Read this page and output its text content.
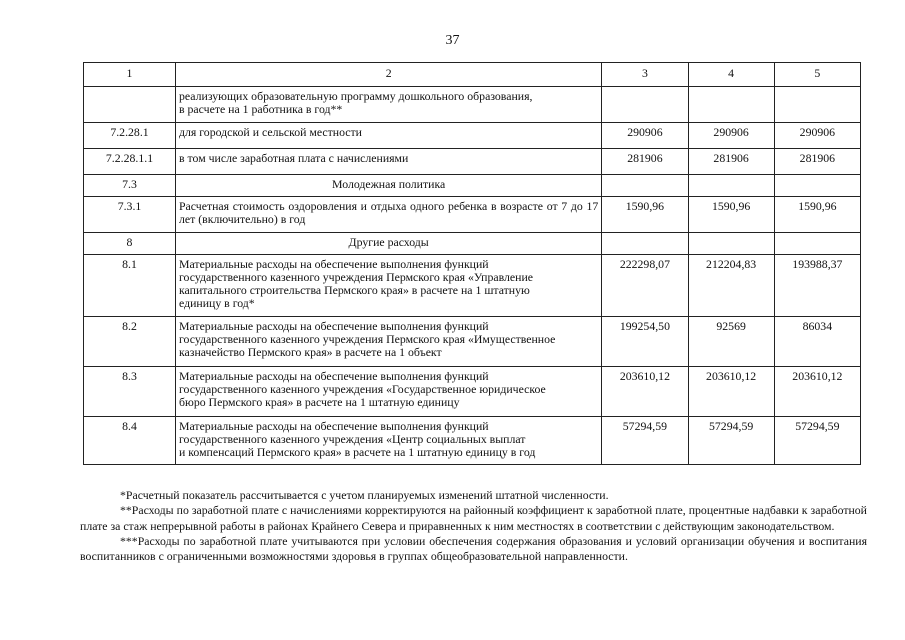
37
1	2	3	4	5
	реализующих образовательную программу дошкольного образования,
в расчете на 1 работника в год**			
7.2.28.1	для городской и сельской местности	290906	290906	290906
7.2.28.1.1	в том числе заработная плата с начислениями	281906	281906	281906
7.3	Молодежная политика			
7.3.1	Расчетная стоимость оздоровления и отдыха одного ребенка в возрасте от 7 до 17 лет (включительно) в год	1590,96	1590,96	1590,96
8	Другие расходы			
8.1	Материальные расходы на обеспечение выполнения функций
государственного казенного учреждения Пермского края «Управление
капитального строительства Пермского края» в расчете на 1 штатную
единицу в год*	222298,07	212204,83	193988,37
8.2	Материальные расходы на обеспечение выполнения функций
государственного казенного учреждения Пермского края «Имущественное
казначейство Пермского края» в расчете на 1 объект	199254,50	92569	86034
8.3	Материальные расходы на обеспечение выполнения функций
государственного казенного учреждения «Государственное юридическое
бюро Пермского края» в расчете на 1 штатную единицу	203610,12	203610,12	203610,12
8.4	Материальные расходы на обеспечение выполнения функций
государственного казенного учреждения «Центр социальных выплат
и компенсаций Пермского края» в расчете на 1 штатную единицу в год	57294,59	57294,59	57294,59

*Расчетный показатель рассчитывается с учетом планируемых изменений штатной численности.

**Расходы по заработной плате с начислениями корректируются на районный коэффициент к заработной плате, процентные надбавки к заработной плате за стаж непрерывной работы в районах Крайнего Севера и приравненных к ним местностях в соответствии с действующим законодательством.

***Расходы по заработной плате учитываются при условии обеспечения содержания образования и условий организации обучения и воспитания воспитанников с ограниченными возможностями здоровья в группах общеобразовательной направленности.
